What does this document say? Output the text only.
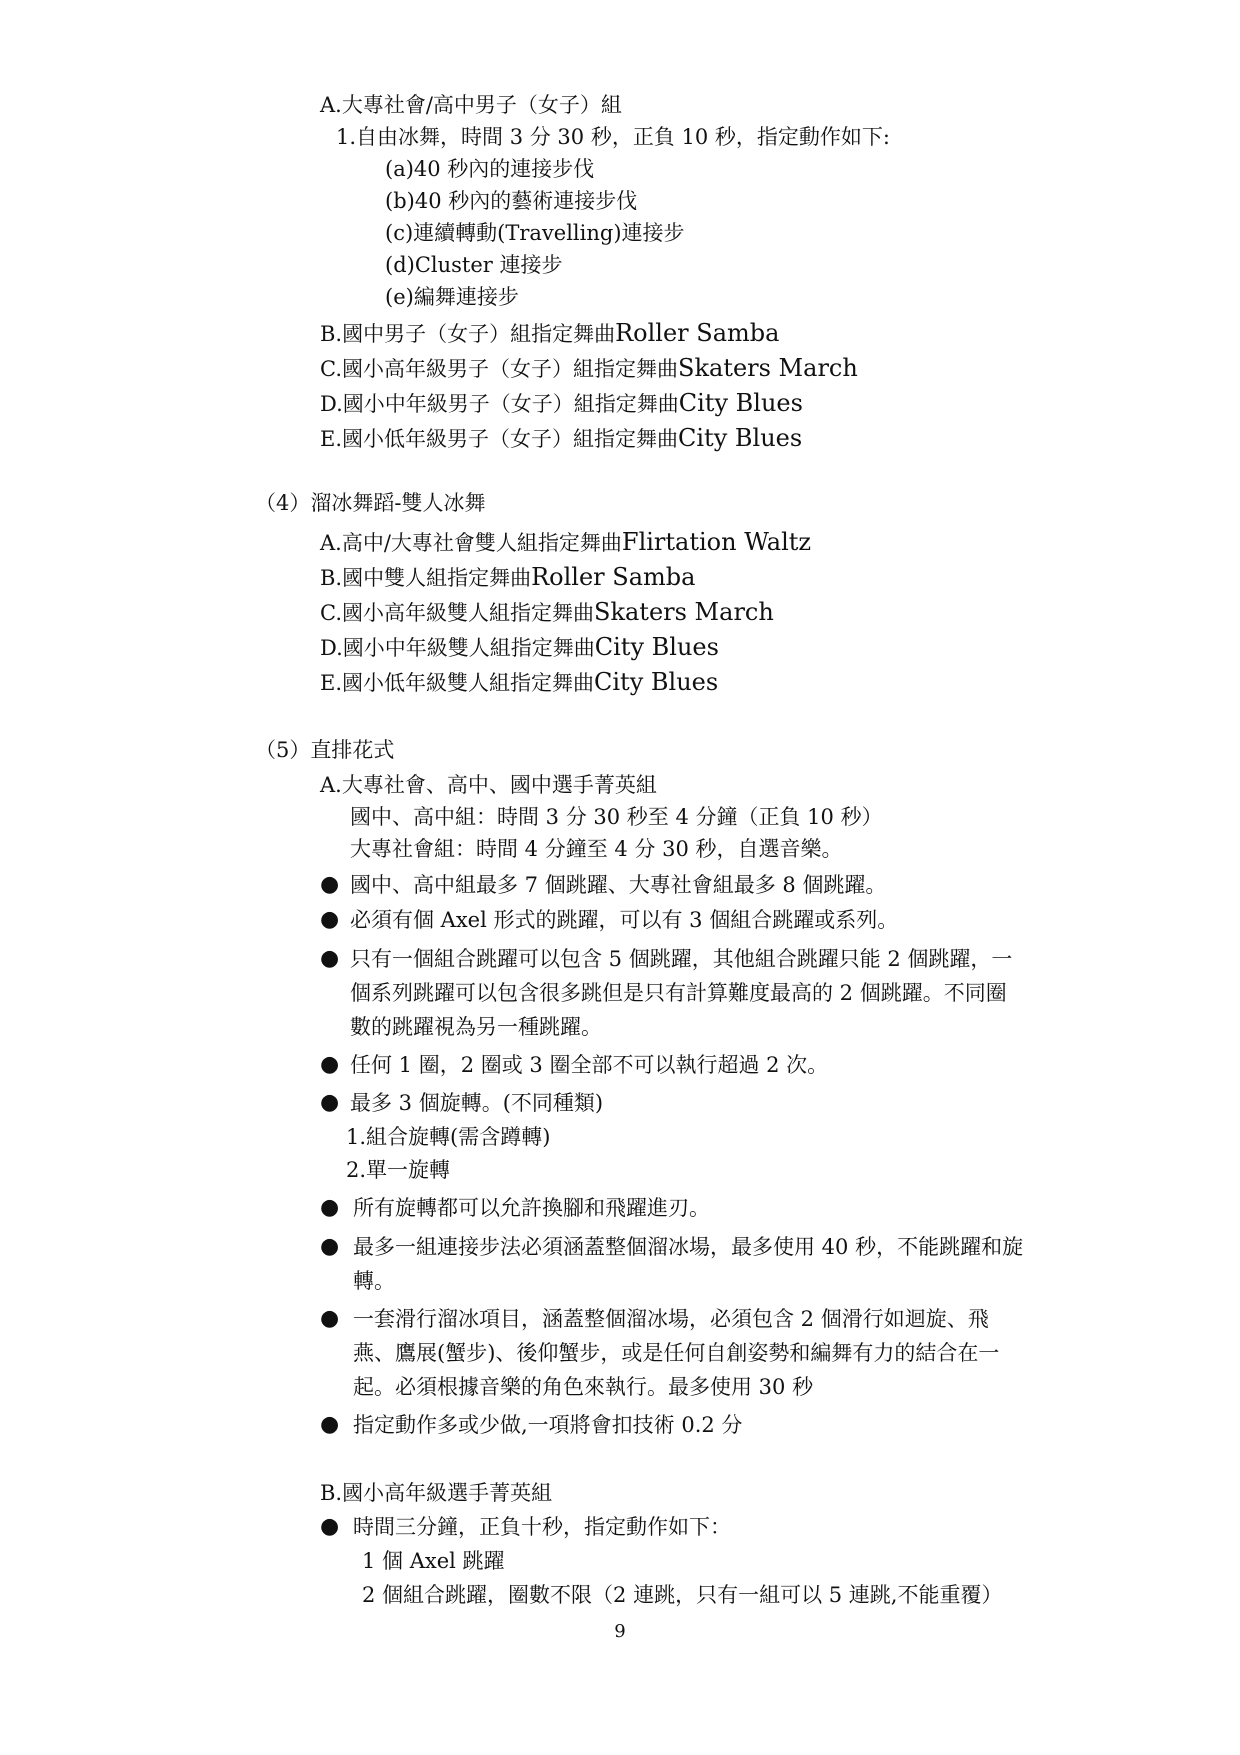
A.大專社會/高中男子（女子）組
1.自由冰舞，時間 3 分 30 秒，正負 10 秒，指定動作如下:
(a)40 秒內的連接步伐
(b)40 秒內的藝術連接步伐
(c)連續轉動(Travelling)連接步
(d)Cluster 連接步
(e)編舞連接步
B.國中男子（女子）組指定舞曲Roller Samba
C.國小高年級男子（女子）組指定舞曲Skaters March
D.國小中年級男子（女子）組指定舞曲City Blues
E.國小低年級男子（女子）組指定舞曲City Blues
（4）溜冰舞蹈-雙人冰舞
A.高中/大專社會雙人組指定舞曲Flirtation Waltz
B.國中雙人組指定舞曲Roller Samba
C.國小高年級雙人組指定舞曲Skaters March
D.國小中年級雙人組指定舞曲City Blues
E.國小低年級雙人組指定舞曲City Blues
（5）直排花式
A.大專社會、高中、國中選手菁英組
國中、高中組：時間 3 分 30 秒至 4 分鐘（正負 10 秒）
大專社會組：時間 4 分鐘至 4 分 30 秒，自選音樂。
● 國中、高中組最多 7 個跳躍、大專社會組最多 8 個跳躍。
● 必須有個 Axel 形式的跳躍，可以有 3 個組合跳躍或系列。
● 只有一個組合跳躍可以包含 5 個跳躍，其他組合跳躍只能 2 個跳躍，一
個系列跳躍可以包含很多跳但是只有計算難度最高的 2 個跳躍。不同圈
數的跳躍視為另一種跳躍。
● 任何 1 圈，2 圈或 3 圈全部不可以執行超過 2 次。
● 最多 3 個旋轉。(不同種類)
1.組合旋轉(需含蹲轉)
2.單一旋轉
● 所有旋轉都可以允許換腳和飛躍進刃。
● 最多一組連接步法必須涵蓋整個溜冰場，最多使用 40 秒，不能跳躍和旋
轉。
● 一套滑行溜冰項目，涵蓋整個溜冰場，必須包含 2 個滑行如迴旋、飛
燕、鷹展(蟹步)、後仰蟹步，或是任何自創姿勢和編舞有力的結合在一
起。必須根據音樂的角色來執行。最多使用 30 秒
● 指定動作多或少做,一項將會扣技術 0.2 分
B.國小高年級選手菁英組
● 時間三分鐘，正負十秒，指定動作如下：
1 個 Axel 跳躍
2 個組合跳躍，圈數不限（2 連跳，只有一組可以 5 連跳,不能重覆）
9
